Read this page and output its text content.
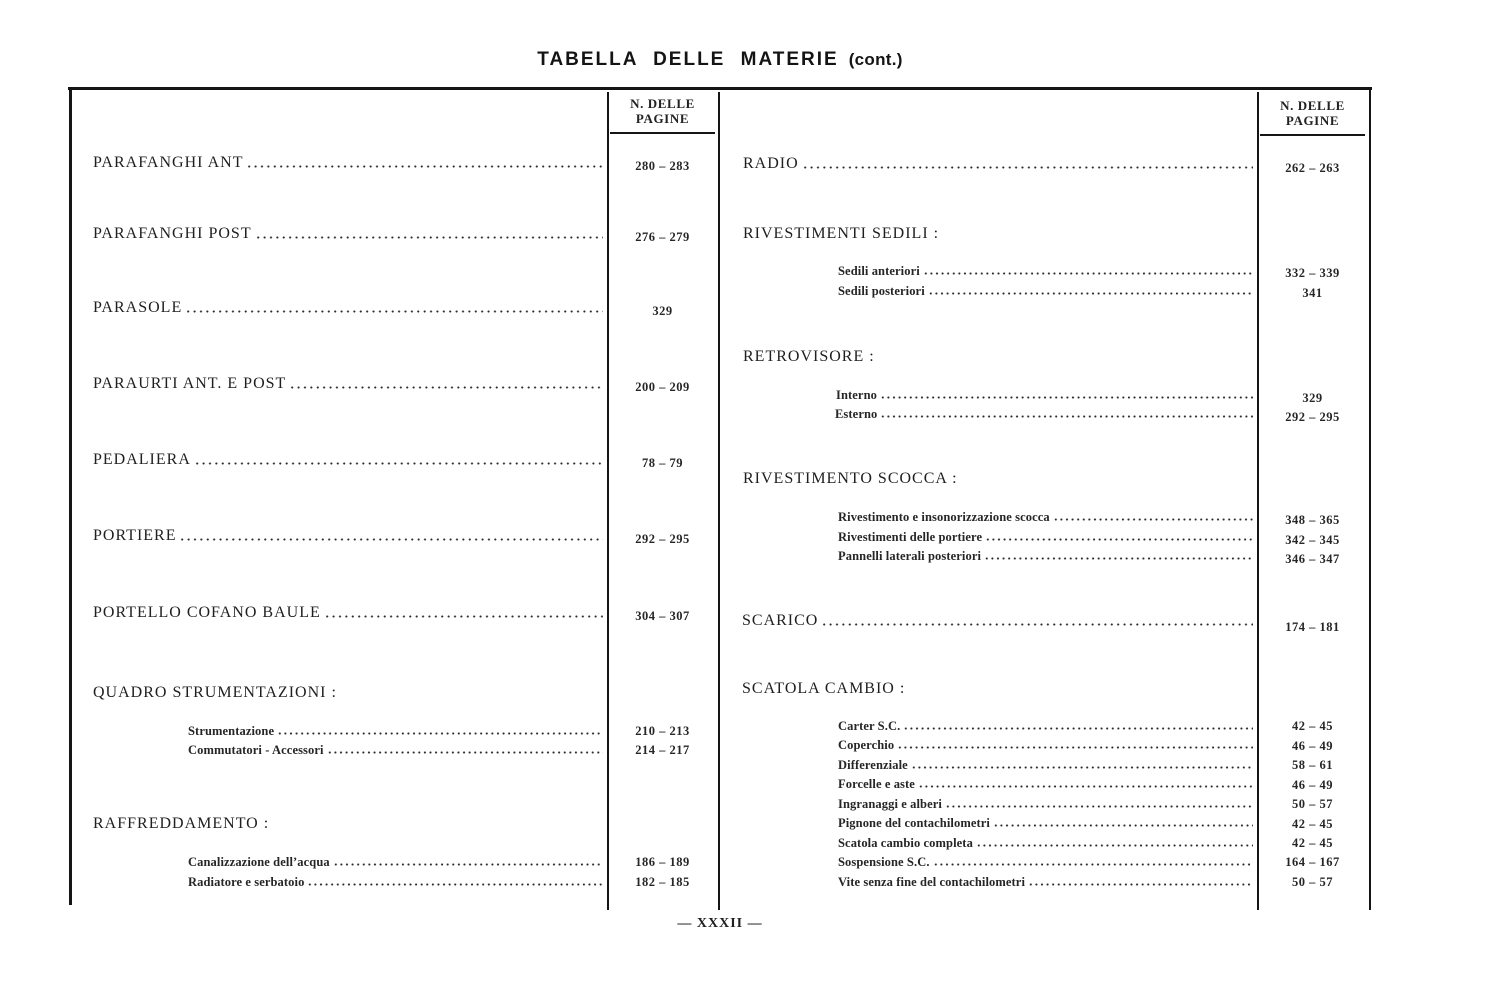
TABELLA DELLE MATERIE (cont.)
N. DELLE
PAGINE
N. DELLE
PAGINE
PARAFANGHI ANT	280 – 283
PARAFANGHI POST	276 – 279
PARASOLE	329
PARAURTI ANT. E POST	200 – 209
PEDALIERA	78 – 79
PORTIERE	292 – 295
PORTELLO COFANO BAULE	304 – 307
QUADRO STRUMENTAZIONI :
Strumentazione	210 – 213
Commutatori - Accessori	214 – 217
RAFFREDDAMENTO :
Canalizzazione dell’acqua	186 – 189
Radiatore e serbatoio	182 – 185
RADIO	262 – 263
RIVESTIMENTI SEDILI :
Sedili anteriori	332 – 339
Sedili posteriori	341
RETROVISORE :
Interno	329
Esterno	292 – 295
RIVESTIMENTO SCOCCA :
Rivestimento e insonorizzazione scocca	348 – 365
Rivestimenti delle portiere	342 – 345
Pannelli laterali posteriori	346 – 347
SCARICO	174 – 181
SCATOLA CAMBIO :
Carter S.C.	42 – 45
Coperchio	46 – 49
Differenziale	58 – 61
Forcelle e aste	46 – 49
Ingranaggi e alberi	50 – 57
Pignone del contachilometri	42 – 45
Scatola cambio completa	42 – 45
Sospensione S.C.	164 – 167
Vite senza fine del contachilometri	50 – 57
— XXXII —
